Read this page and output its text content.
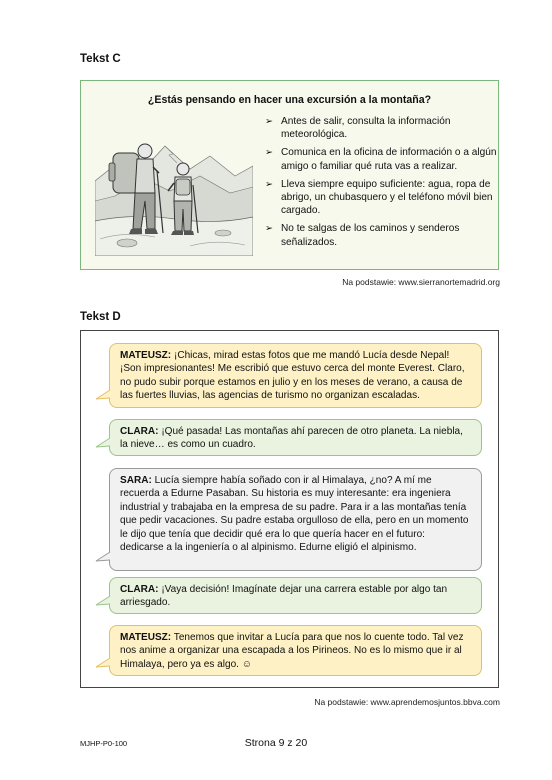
Tekst C
¿Estás pensando en hacer una excursión a la montaña?
➢ Antes de salir, consulta la información meteorológica.
➢ Comunica en la oficina de información o a algún amigo o familiar qué ruta vas a realizar.
➢ Lleva siempre equipo suficiente: agua, ropa de abrigo, un chubasquero y el teléfono móvil bien cargado.
➢ No te salgas de los caminos y senderos señalizados.
Na podstawie: www.sierranortemadrid.org
Tekst D
MATEUSZ: ¡Chicas, mirad estas fotos que me mandó Lucía desde Nepal! ¡Son impresionantes! Me escribió que estuvo cerca del monte Everest. Claro, no pudo subir porque estamos en julio y en los meses de verano, a causa de las fuertes lluvias, las agencias de turismo no organizan escaladas.
CLARA: ¡Qué pasada! Las montañas ahí parecen de otro planeta. La niebla, la nieve… es como un cuadro.
SARA: Lucía siempre había soñado con ir al Himalaya, ¿no? A mí me recuerda a Edurne Pasaban. Su historia es muy interesante: era ingeniera industrial y trabajaba en la empresa de su padre. Para ir a las montañas tenía que pedir vacaciones. Su padre estaba orgulloso de ella, pero en un momento le dijo que tenía que decidir qué era lo que quería hacer en el futuro: dedicarse a la ingeniería o al alpinismo. Edurne eligió el alpinismo.
CLARA: ¡Vaya decisión! Imagínate dejar una carrera estable por algo tan arriesgado.
MATEUSZ: Tenemos que invitar a Lucía para que nos lo cuente todo. Tal vez nos anime a organizar una escapada a los Pirineos. No es lo mismo que ir al Himalaya, pero ya es algo. ☺
Na podstawie: www.aprendemosjuntos.bbva.com
MJHP-P0-100	Strona 9 z 20
